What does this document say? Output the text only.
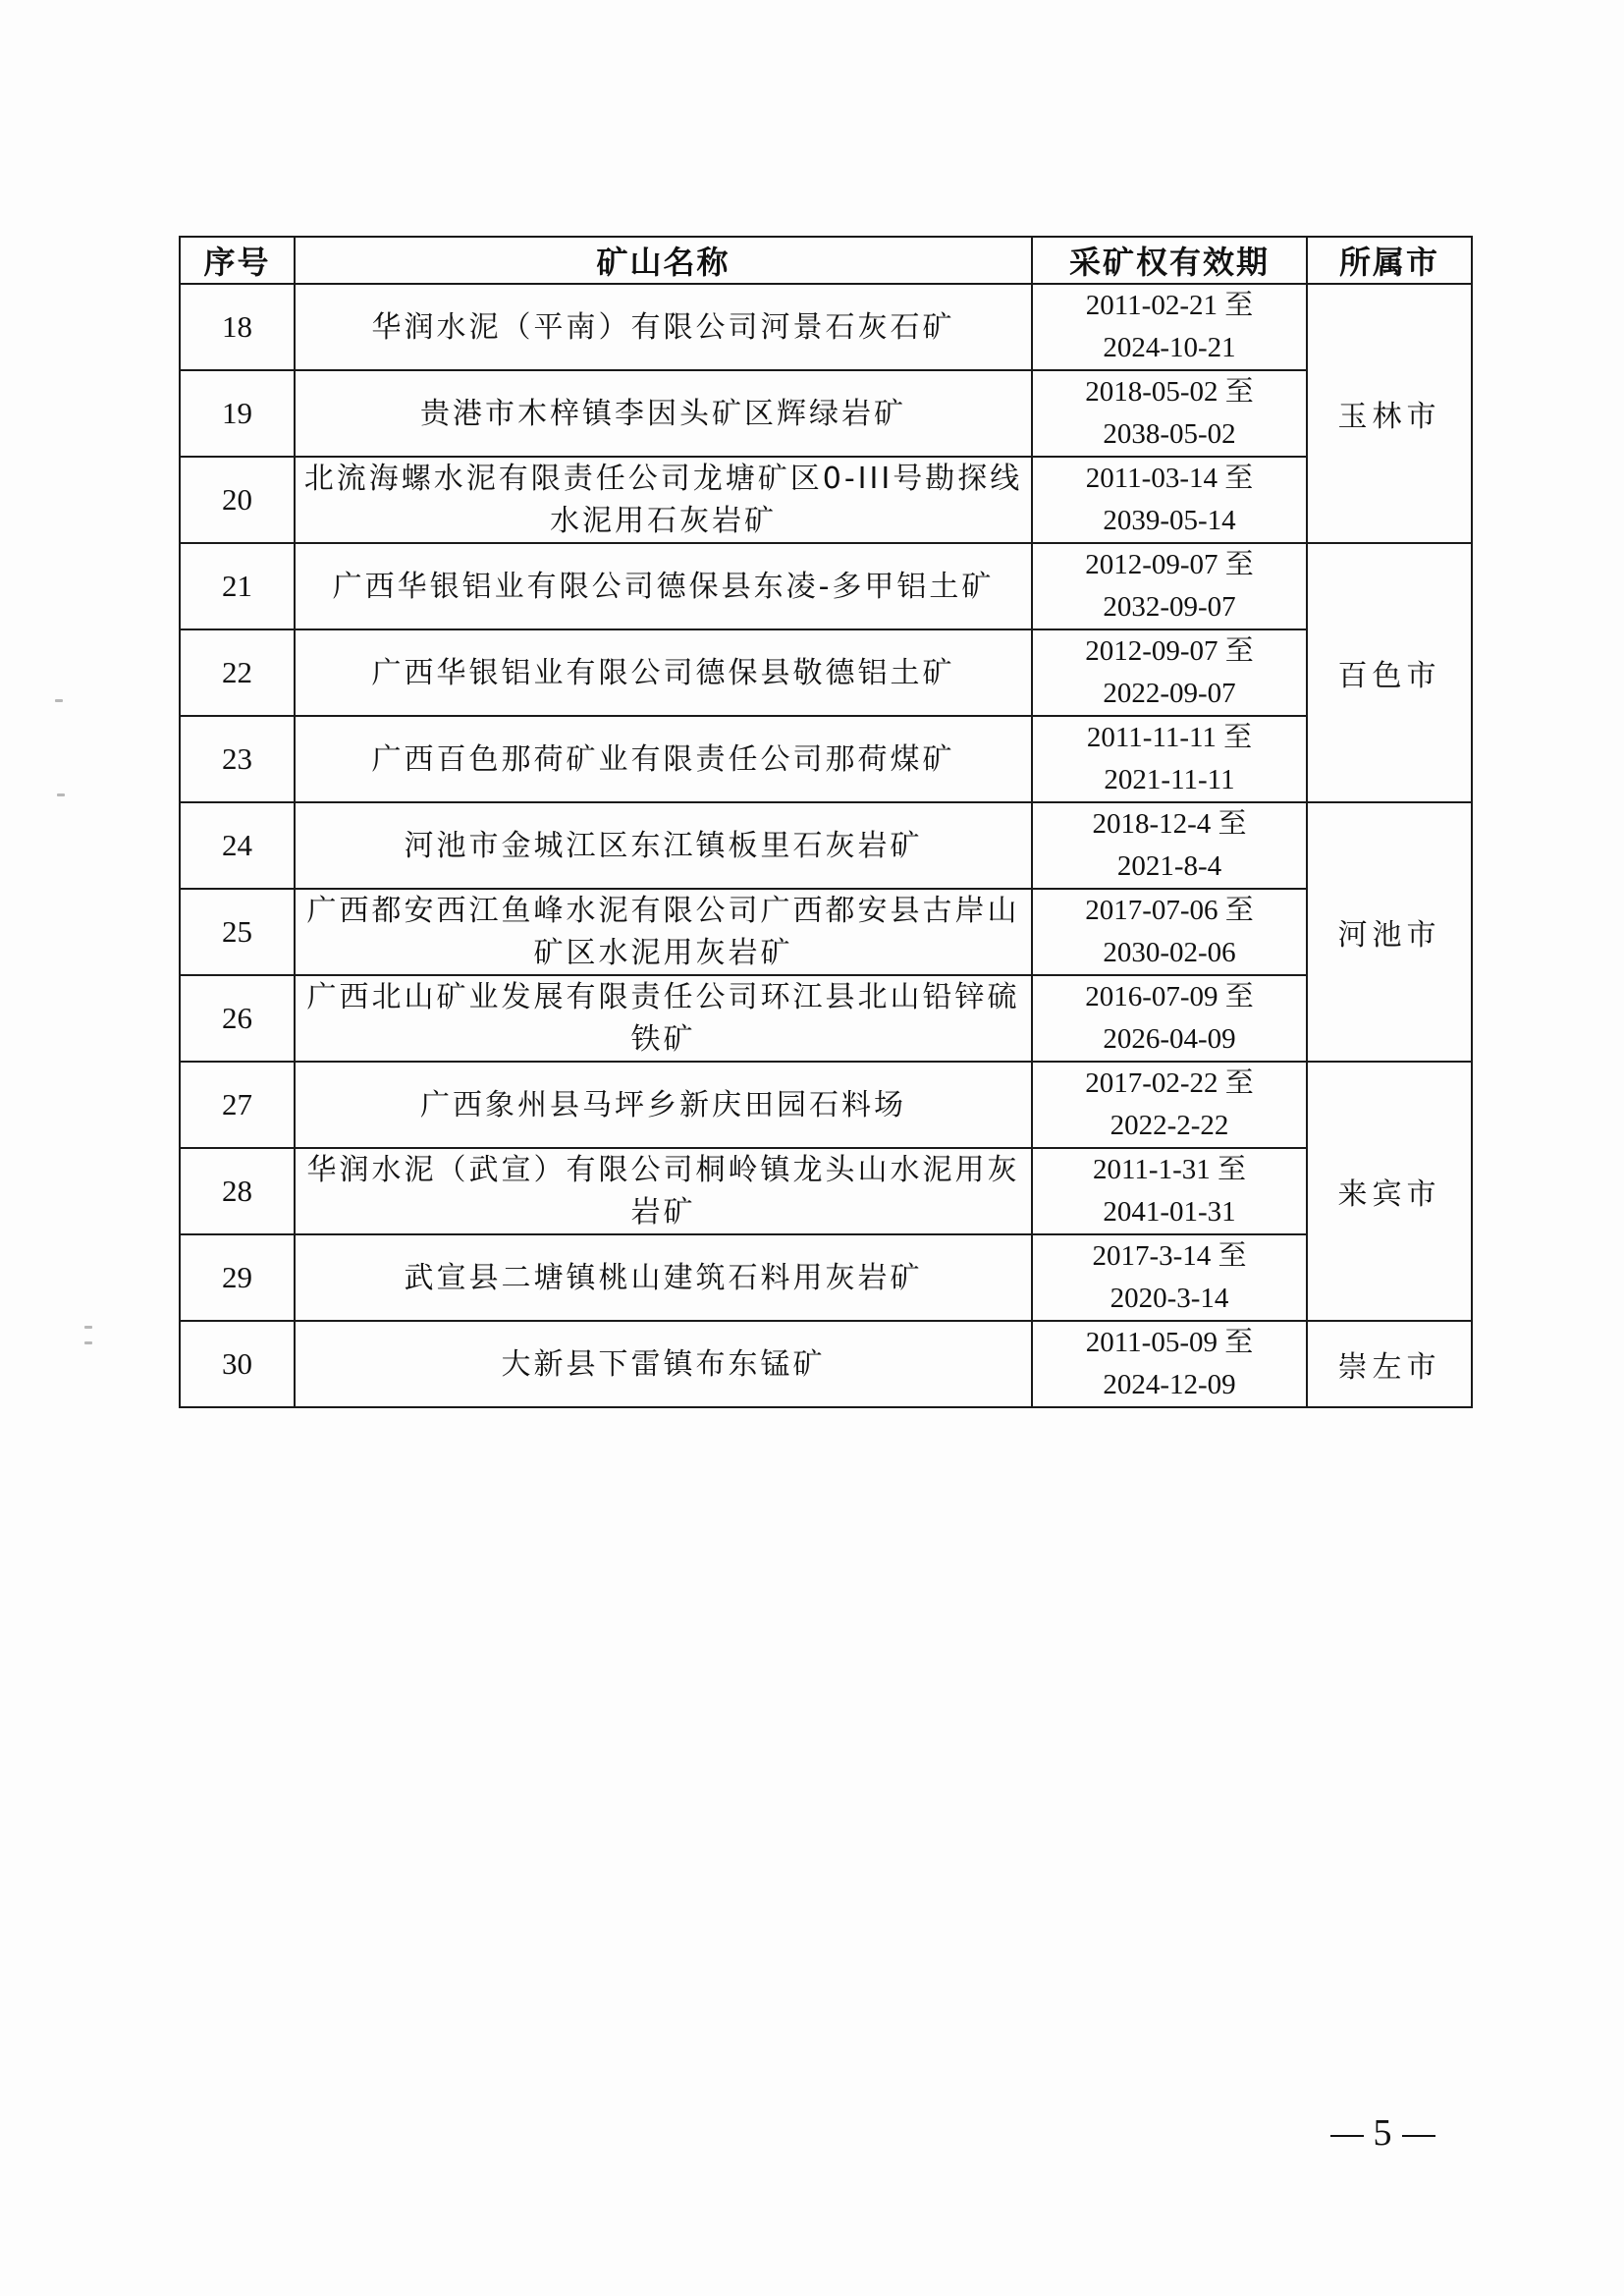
序号	矿山名称	采矿权有效期	所属市
18	华润水泥（平南）有限公司河景石灰石矿	2011-02-21 至
2024-10-21	玉林市
19	贵港市木梓镇李因头矿区辉绿岩矿	2018-05-02 至
2038-05-02	

20	北流海螺水泥有限责任公司龙塘矿区0-III号勘探线水泥用石灰岩矿	2011-03-14 至
2039-05-14	

21	广西华银铝业有限公司德保县东凌-多甲铝土矿	2012-09-07 至
2032-09-07	百色市
22	广西华银铝业有限公司德保县敬德铝土矿	2012-09-07 至
2022-09-07	

23	广西百色那荷矿业有限责任公司那荷煤矿	2011-11-11 至
2021-11-11	

24	河池市金城江区东江镇板里石灰岩矿	2018-12-4 至
2021-8-4	河池市
25	广西都安西江鱼峰水泥有限公司广西都安县古岸山矿区水泥用灰岩矿	2017-07-06 至
2030-02-06	

26	广西北山矿业发展有限责任公司环江县北山铅锌硫铁矿	2016-07-09 至
2026-04-09	

27	广西象州县马坪乡新庆田园石料场	2017-02-22 至
2022-2-22	来宾市
28	华润水泥（武宣）有限公司桐岭镇龙头山水泥用灰岩矿	2011-1-31 至
2041-01-31	

29	武宣县二塘镇桃山建筑石料用灰岩矿	2017-3-14 至
2020-3-14	

30	大新县下雷镇布东锰矿	2011-05-09 至
2024-12-09	崇左市
5
